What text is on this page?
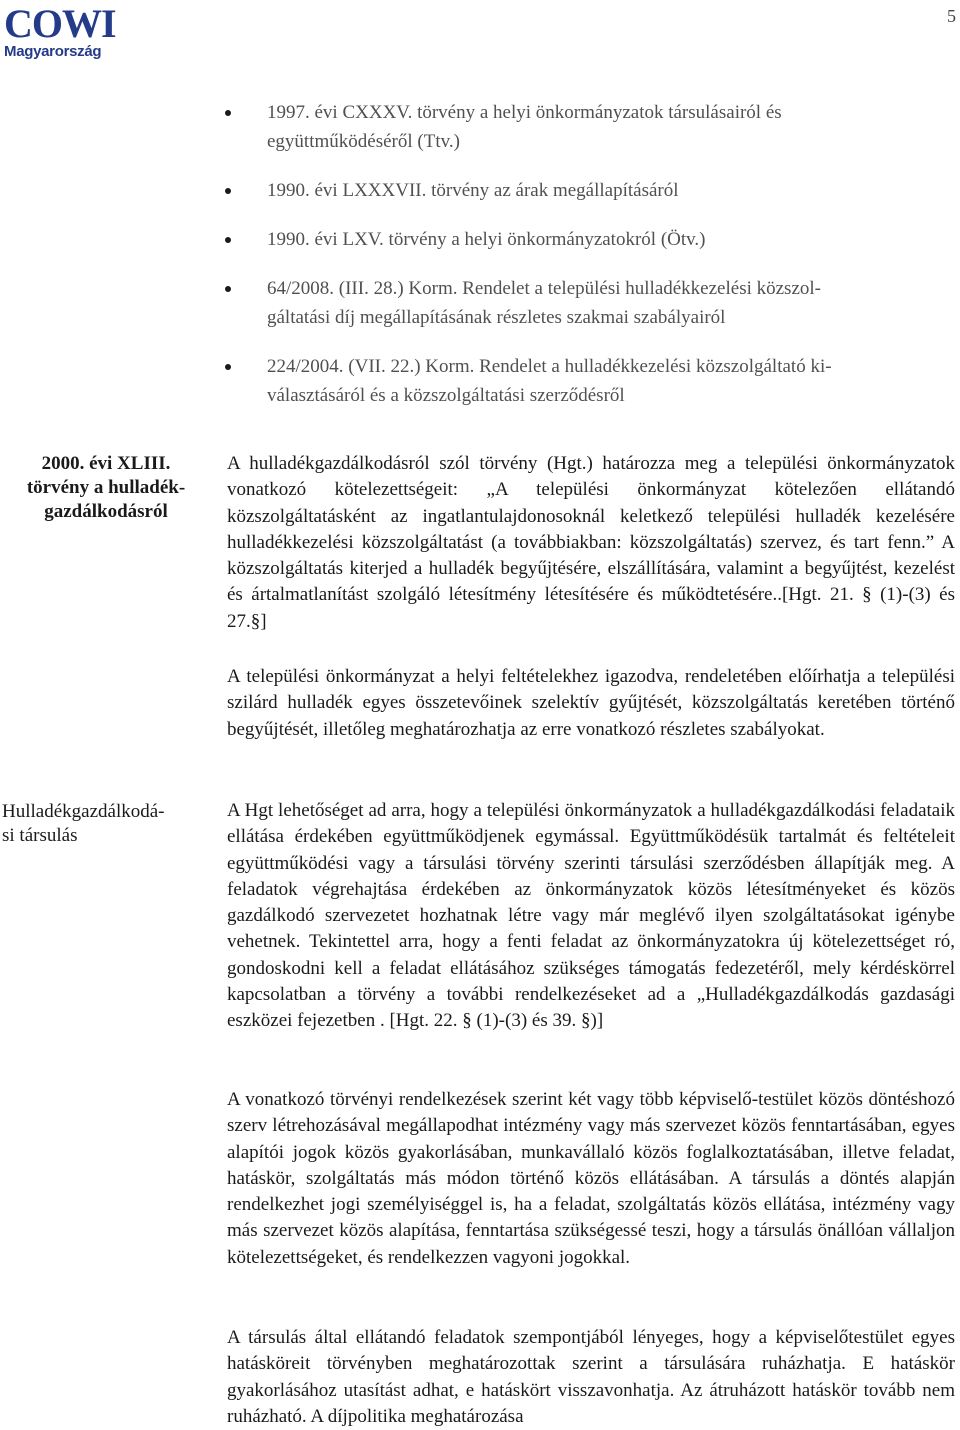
COWI
Magyarország
5
1997. évi CXXXV. törvény a helyi önkormányzatok társulásairól és
együttműködéséről (Ttv.)
1990. évi LXXXVII. törvény az árak megállapításáról
1990. évi LXV. törvény a helyi önkormányzatokról (Ötv.)
64/2008. (III. 28.) Korm. Rendelet a települési hulladékkezelési közszol-
gáltatási díj megállapításának részletes szakmai szabályairól
224/2004. (VII. 22.) Korm. Rendelet a hulladékkezelési közszolgáltató ki-
választásáról és a közszolgáltatási szerződésről
2000. évi XLIII.
törvény a hulladék-
gazdálkodásról
Hulladékgazdálkodá-
si társulás

A hulladékgazdálkodásról szól törvény (Hgt.) határozza meg a települési önkormányzatok vonatkozó kötelezettségeit: „A települési önkormányzat kötelezően ellátandó közszolgáltatásként az ingatlantulajdonosoknál keletkező települési hulladék kezelésére hulladékkezelési közszolgáltatást (a továbbiakban: közszolgáltatás) szervez, és tart fenn.” A közszolgáltatás kiterjed a hulladék begyűjtésére, elszállítására, valamint a begyűjtést, kezelést és ártalmatlanítást szolgáló létesítmény létesítésére és működtetésére..[Hgt. 21. § (1)-(3) és 27.§]

A települési önkormányzat a helyi feltételekhez igazodva, rendeletében előírhatja a települési szilárd hulladék egyes összetevőinek szelektív gyűjtését, közszolgáltatás keretében történő begyűjtését, illetőleg meghatározhatja az erre vonatkozó részletes szabályokat.

A Hgt lehetőséget ad arra, hogy a települési önkormányzatok a hulladékgazdálkodási feladataik ellátása érdekében együttműködjenek egymással. Együttműködésük tartalmát és feltételeit együttműködési vagy a társulási törvény szerinti társulási szerződésben állapítják meg. A feladatok végrehajtása érdekében az önkormányzatok közös létesítményeket és közös gazdálkodó szervezetet hozhatnak létre vagy már meglévő ilyen szolgáltatásokat igénybe vehetnek. Tekintettel arra, hogy a fenti feladat az önkormányzatokra új kötelezettséget ró, gondoskodni kell a feladat ellátásához szükséges támogatás fedezetéről, mely kérdéskörrel kapcsolatban a törvény a további rendelkezéseket ad a „Hulladékgazdálkodás gazdasági eszközei fejezetben . [Hgt. 22. § (1)-(3) és 39. §)]

A vonatkozó törvényi rendelkezések szerint két vagy több képviselő-testület közös döntéshozó szerv létrehozásával megállapodhat intézmény vagy más szervezet közös fenntartásában, egyes alapítói jogok közös gyakorlásában, munkavállaló közös foglalkoztatásában, illetve feladat, hatáskör, szolgáltatás más módon történő közös ellátásában. A társulás a döntés alapján rendelkezhet jogi személyiséggel is, ha a feladat, szolgáltatás közös ellátása, intézmény vagy más szervezet közös alapítása, fenntartása szükségessé teszi, hogy a társulás önállóan vállaljon kötelezettségeket, és rendelkezzen vagyoni jogokkal.

A társulás által ellátandó feladatok szempontjából lényeges, hogy a képviselőtestület egyes hatásköreit törvényben meghatározottak szerint a társulására ruházhatja. E hatáskör gyakorlásához utasítást adhat, e hatáskört visszavonhatja. Az átruházott hatáskör tovább nem ruházható. A díjpolitika meghatározása
